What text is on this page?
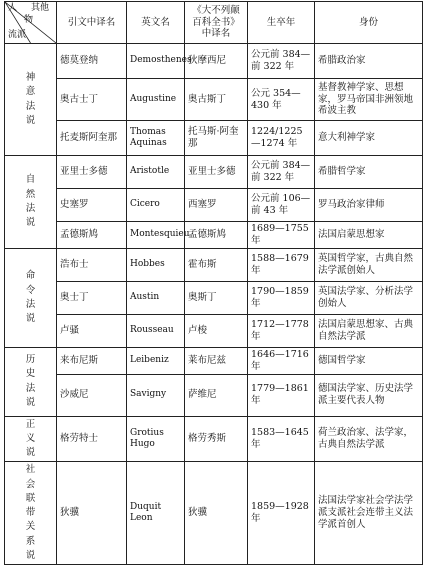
人 其他
物
流派	引文中译名	英文名	《大不列颠百科全书》中译名	生卒年	身份
神意法说	德莫登纳	Demosthenes	狄摩西尼	公元前 384—前 322 年	希腊政治家
	奥古士丁	Augustine	奥古斯丁	公元 354—430 年	基督教神学家、思想家，罗马帝国非洲领地希波主教
	托麦斯阿奎那	Thomas Aquinas	托马斯·阿奎那	1224/1225—1274 年	意大利神学家
自然法说	亚里士多德	Aristotle	亚里士多德	公元前 384—前 322 年	希腊哲学家
	史塞罗	Cicero	西塞罗	公元前 106—前 43 年	罗马政治家律师
	孟德斯鸠	Montesquieu	孟德斯鸠	1689—1755 年	法国启蒙思想家
命令法说	浩布士	Hobbes	霍布斯	1588—1679 年	英国哲学家，古典自然法学派创始人
	奥士丁	Austin	奥斯丁	1790—1859 年	英国法学家、分析法学创始人
	卢骚	Rousseau	卢梭	1712—1778 年	法国启蒙思想家、古典自然法学派
历史法说	来布尼斯	Leibeniz	莱布尼兹	1646—1716 年	德国哲学家
	沙威尼	Savigny	萨维尼	1779—1861 年	德国法学家、历史法学派主要代表人物
正义说	格劳特士	Grotius Hugo	格劳秀斯	1583—1645 年	荷兰政治家、法学家，古典自然法学派
社会联带关系说	狄骥	Duquit Leon	狄骥	1859—1928 年	法国法学家社会学法学派支派社会连带主义法学派首创人
